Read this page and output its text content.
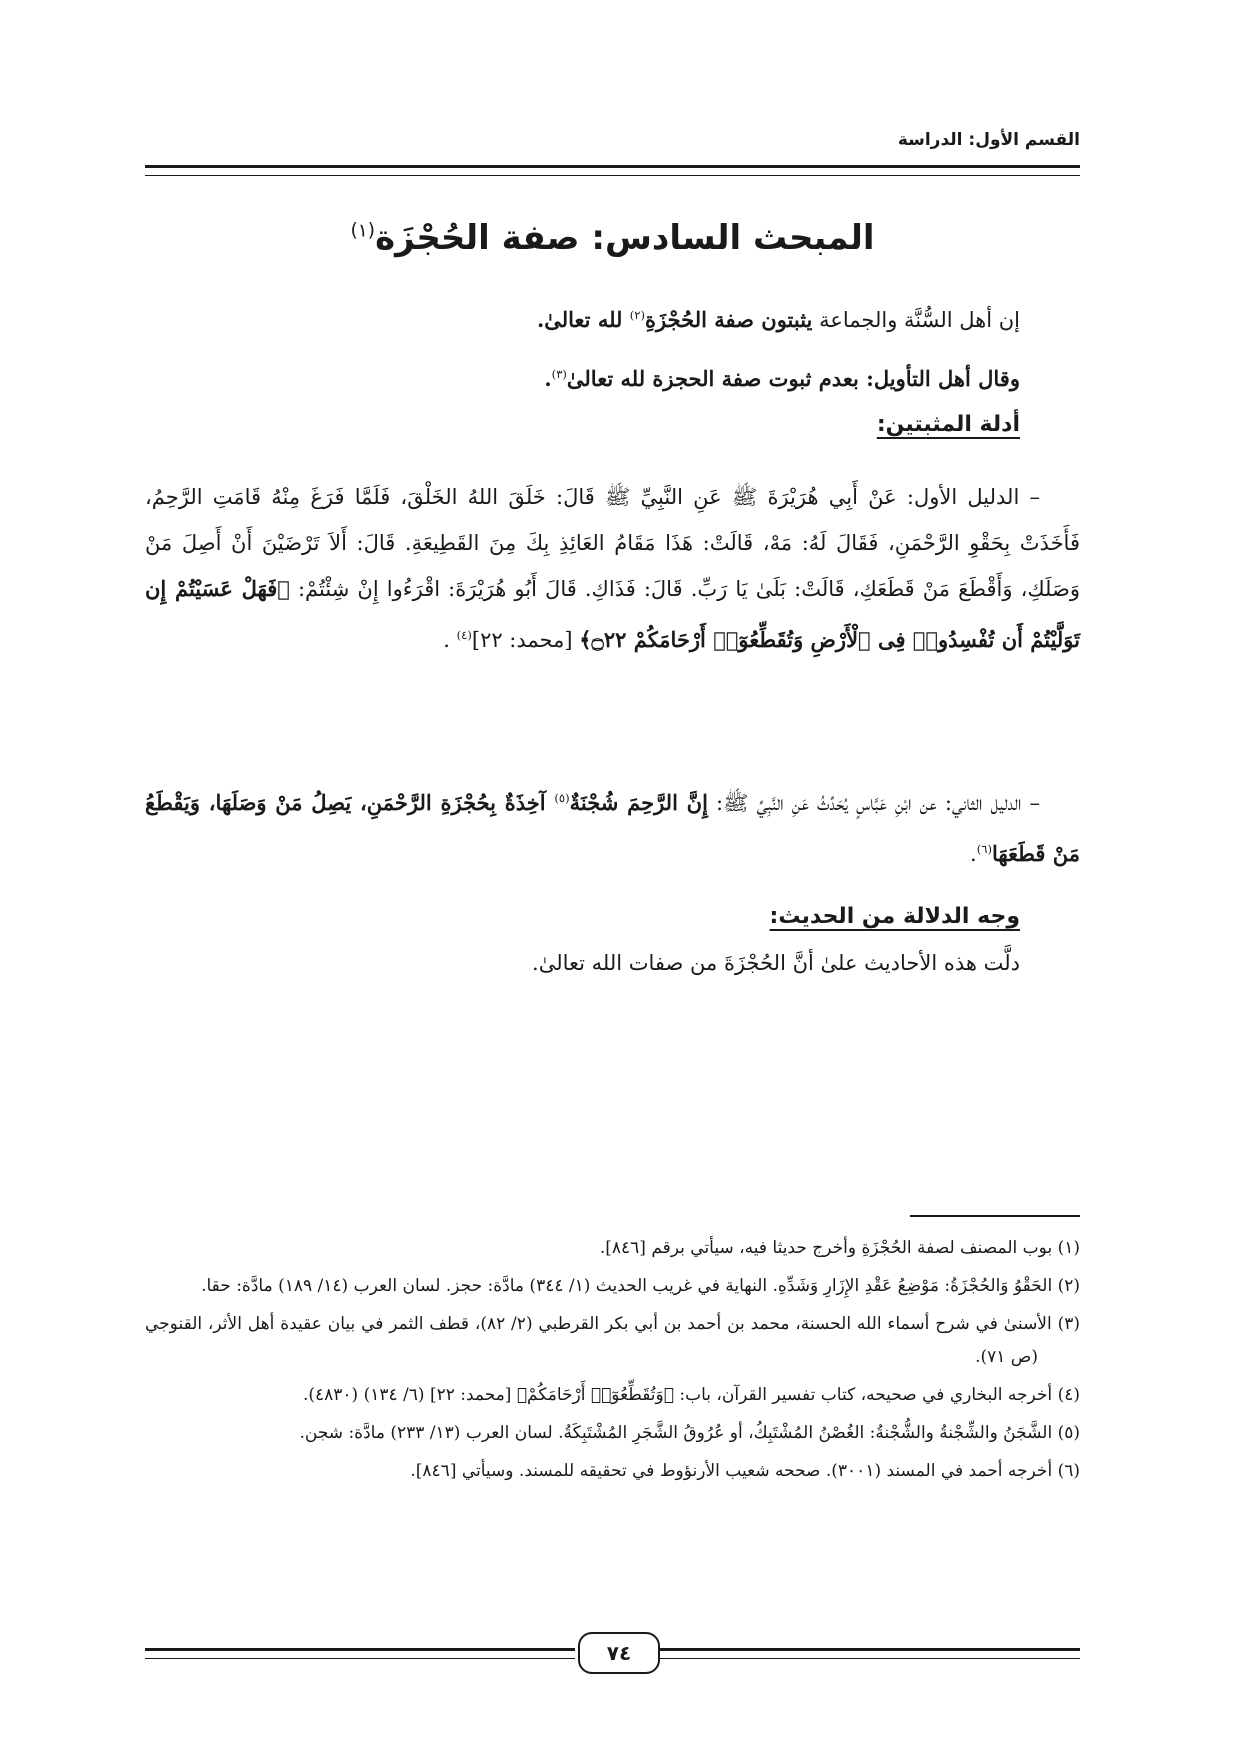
القسم الأول: الدراسة
المبحث السادس: صفة الحُجْزَة$^{(١)}$

إن أهل السُّنَّة والجماعة يثبتون صفة الحُجْزَةِ$^{(٢)}$ لله تعالىٰ.

وقال أهل التأويل: بعدم ثبوت صفة الحجزة لله تعالىٰ$^{(٣)}$.

أدلة المثبتين:

– الدليل الأول: عَنْ أَبِي هُرَيْرَةَ ﷺ عَنِ النَّبِيِّ ﷺ قَالَ: خَلَقَ اللهُ الخَلْقَ، فَلَمَّا فَرَغَ مِنْهُ قَامَتِ الرَّحِمُ، فَأَخَذَتْ بِحَقْوِ الرَّحْمَنِ، فَقَالَ لَهُ: مَهْ، قَالَتْ: هَذَا مَقَامُ العَائِذِ بِكَ مِنَ القَطِيعَةِ. قَالَ: أَلاَ تَرْضَيْنَ أَنْ أَصِلَ مَنْ وَصَلَكِ، وَأَقْطَعَ مَنْ قَطَعَكِ، قَالَتْ: بَلَىٰ يَا رَبِّ. قَالَ: فَذَاكِ. قَالَ أَبُو هُرَيْرَةَ: اقْرَءُوا إِنْ شِئْتُمْ: ﴿فَهَلْ عَسَيْتُمْ إِن تَوَلَّيْتُمْ أَن تُفْسِدُوا۟ فِى ٱلْأَرْضِ وَتُقَطِّعُوٓا۟ أَرْحَامَكُمْ ۝٢٢﴾ [محمد: ٢٢]$^{(٤)}$ .

– الدليل الثاني: عن ابْنِ عَبَّاسٍ يُحَدِّثُ عَنِ النَّبِيِّ ﷺ: إِنَّ الرَّحِمَ شُجْنَةٌ$^{(٥)}$ آخِذَةٌ بِحُجْزَةِ الرَّحْمَنِ، يَصِلُ مَنْ وَصَلَهَا، وَيَقْطَعُ مَنْ قَطَعَهَا$^{(٦)}$.

وجه الدلالة من الحديث:
دلَّت هذه الأحاديث علىٰ أنَّ الحُجْزَةَ من صفات الله تعالىٰ.

(١) بوب المصنف لصفة الحُجْزَةِ وأخرج حديثا فيه، سيأتي برقم [٨٤٦].

(٢) الحَقْوُ وَالحُجْزَةُ: مَوْضِعُ عَقْدِ الإِزَارِ وَشَدِّهِ. النهاية في غريب الحديث (١/ ٣٤٤) مادَّة: حجز. لسان العرب (١٤/ ١٨٩) مادَّة: حقا.

(٣) الأسنىٰ في شرح أسماء الله الحسنة، محمد بن أحمد بن أبي بكر القرطبي (٢/ ٨٢)، قطف الثمر في بيان عقيدة أهل الأثر، القنوجي (ص ٧١).

(٤) أخرجه البخاري في صحيحه، كتاب تفسير القرآن، باب: ﴿وَتُقَطِّعُوٓا۟ أَرْحَامَكُمْ﴾ [محمد: ٢٢] (٦/ ١٣٤) (٤٨٣٠).

(٥) الشَّجَنُ والشِّجْنةُ والشُّجْنةُ: الغُصْنُ المُشْتَبِكُ، أو عُرُوقُ الشَّجَرِ المُشْتَبِكَةُ. لسان العرب (١٣/ ٢٣٣) مادَّة: شجن.

(٦) أخرجه أحمد في المسند (٣٠٠١). صححه شعيب الأرنؤوط في تحقيقه للمسند. وسيأتي [٨٤٦].

٧٤
